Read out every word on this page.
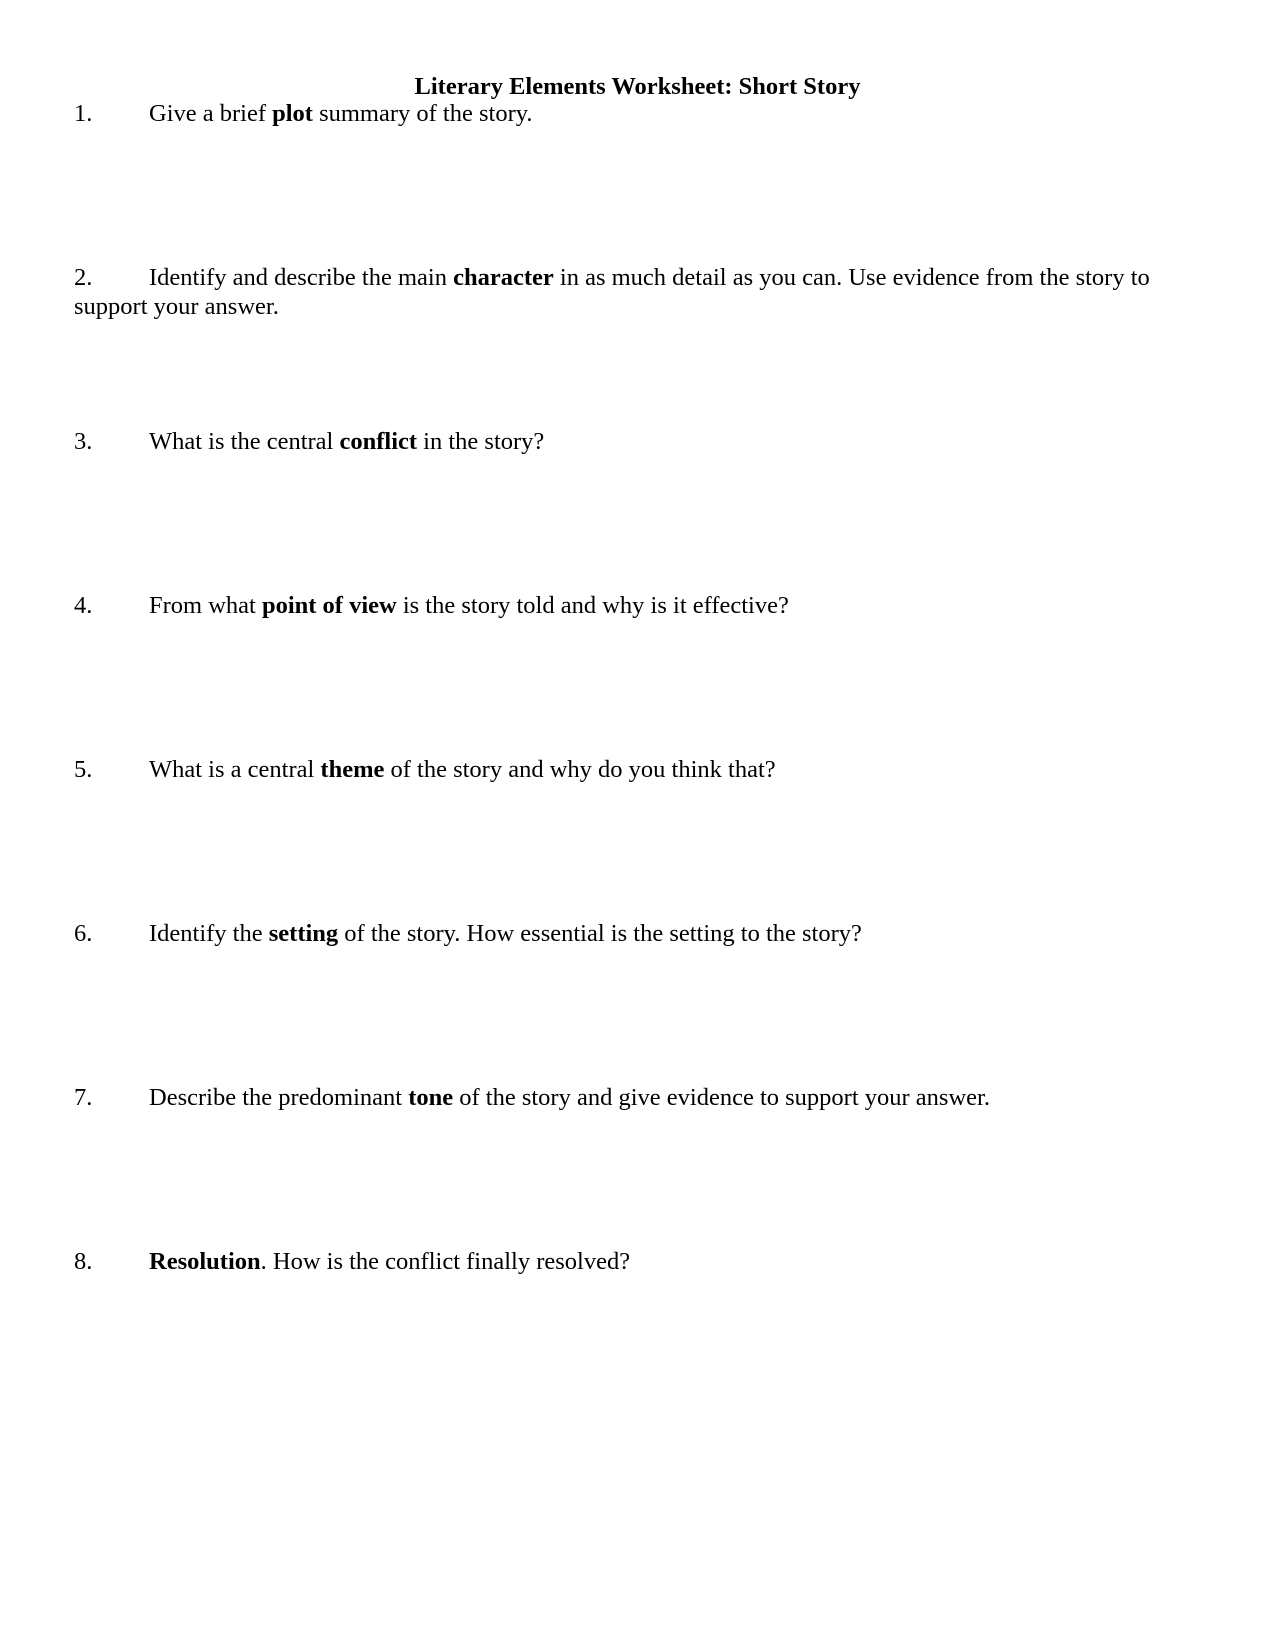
Literary Elements Worksheet: Short Story
1. Give a brief plot summary of the story.
2. Identify and describe the main character in as much detail as you can. Use evidence from the story to support your answer.
3. What is the central conflict in the story?
4. From what point of view is the story told and why is it effective?
5. What is a central theme of the story and why do you think that?
6. Identify the setting of the story. How essential is the setting to the story?
7. Describe the predominant tone of the story and give evidence to support your answer.
8. Resolution. How is the conflict finally resolved?
